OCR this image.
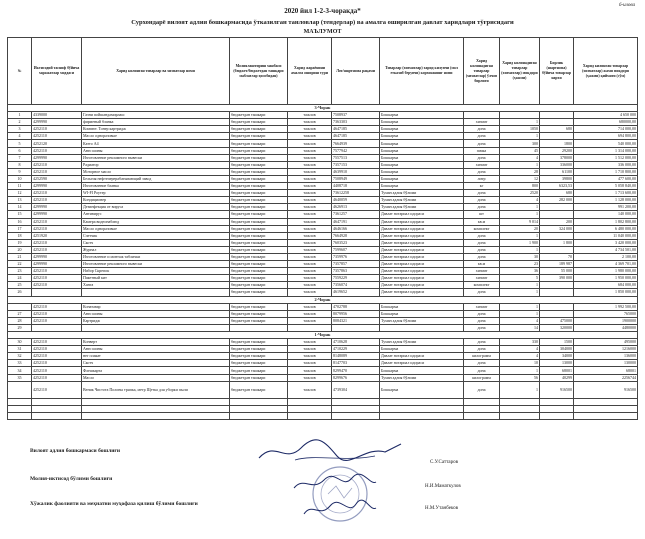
6-илова
2020 йил 1-2-3-чоракда*
Сурхондарё вилоят адлия бошкармасида ўтказилган танловлар (тендерлар) ва амалга оширилган давлат харидлари тўғрисидаги
МАЪЛУМОТ
№	Иктисодий тасниф бўйича харажатлар моддаси	Харид килинган товарлар ва хизматлар номи	Молиялаштириш манбаси (бюджет/бюджетдан ташқари маблағлар ҳисобидан)	Харид жараёнини амалга ошириш тури	Лот/шартнома рақами	Товарлар (хизматлар) харид килувчи (мол етказиб берувчи) корхонанинг номи	Харид килинадиган товарлар (хизматлар) ўлчов бирлиги	Харид килинадиган товарлар (хизматлар) миқдори (ҳажми)	Бирлик (шартнома) бўйича товарлар нархи	Харид килинган товарлар (хизматлар) жами миқдори (ҳажми) қиймати (сўм)
3-Чорак										
1	4339000	Газни пойшандамирлаш	бюджетдан ташкари	тажлов	7508937	Бошкарма				4 650 000
2	4299990	фирменый бланка	бюджетдан ташкари	тажлов	7363303	Бошкарма	хизмат	1		680000,00
3	4252110	Компют. Тонер картридж	бюджетдан ташкари	тажлов	4647185	Бошкарма	дона	1050	680	714 000,00
4	4252110	Масло одноразовые	бюджетдан ташкари	тажлов	4647185	Бошкарма	дона	1		694 800,00
5	4252120	Катто А4	бюджетдан ташкари	тажлов	7664939	Бошкарма	дона	300	1800	540 000,00
6	4252110	Авто шины	бюджетдан ташкари	тажлов	7577942	Бошкарма	пачка	45	29200	1 314 000,00
7	4299990	Изготовление рекламного вывески	бюджетдан ташкари	тажлов	7557513	Бошкарма	дона	4	378000	1 512 000,00
8	4252110	Радиатор	бюджетдан ташкари	тажлов	7357153	Бошкарма	хизмат	1	336000	336 000,00
9	4252110	Моторное масло	бюджетдан ташкари	тажлов	4639910	Бошкарма	дона	28	61100	1 710 800,00
10	4252590	Бельгия нефтеперерабатывающий завод	бюджетдан ташкари	тажлов	7508949	Бошкарма	литр	12	39800	477 600,00
11	4299990	Изготовление бланка	бюджетдан ташкари	тажлов	4408718	Бошкарма	кг	800	6323,53	5 058 840,00
12	4252110	WI-FI Роутер	бюджетдан ташкари	тажлов	73612258	Туман адлия бўлими	дона	2520	680	1 713 600,00
13	4252110	Кондиционер	бюджетдан ташкари	тажлов	4640059	Туман адлия бўлими	дона	4	282 000	1 128 000,00
14	4299990	Дезинфекция от вируса	бюджетдан ташкари	тажлов	4626913	Туман адлия бўлими	дона	1		991 200,00
15	4299990	Антивирус	бюджетдан ташкари	тажлов	7361257	Давлат нотариал идораси	шт	1		140 000,00
16	4252110	Камера видеонаблюд	бюджетдан ташкари	тажлов	4647191	Давлат нотариал идораси	кв.м	9 014	200	1 802 800,00
17	4252110	Масло одноразовые	бюджетдан ташкари	тажлов	4646166	Давлат нотариал идораси	комплект	20	324 000	6 480 000,00
18	4251920	Счетчик	бюджетдан ташкари	тажлов	7664928	Давлат нотариал идораси	дона	1		11 040 000,00
19	4252110	Скотч	бюджетдан ташкари	тажлов	7603523	Давлат нотариал идораси	дона	1 900	1 800	3 420 000,00
20	4252110	Журнал	бюджетдан ташкари	тажлов	7599607	Давлат нотариал идораси	дона	1		4 734 501,00
21	4299990	Изготовление и монтаж таблички	бюджетдан ташкари	тажлов	7359976	Давлат нотариал идораси	дона	30	70	2 100,00
22	4299990	Изготовление рекламного вывески	бюджетдан ташкари	тажлов	7357857	Давлат нотариал идораси	кв.м	23	189 987	4 369 701,00
23	4252110	Набор Скрепок	бюджетдан ташкари	тажлов	7357863	Давлат нотариал идораси	хизмат	36	55 000	1 980 000,00
24	4252110	Пакетный кит	бюджетдан ташкари	тажлов	7559229	Давлат нотариал идораси	хизмат	5	390 000	1 950 000,00
25	4252110	Ханга	бюджетдан ташкари	тажлов	7356074	Давлат нотариал идораси	комплект	1		684 000,00
26			бюджетдан ташкари	тажлов	4619652	Давлат нотариал идораси	дона	1		1 850 000,00
2-Чорак										
	4252110	Конатавар	бюджетдан ташкари	тажлов	4702788	Бошкарма	хизмат	1		1 992 500,00
27	4252110	Авто шины	бюджетдан ташкари	тажлов	8079956	Бошкарма	дона	1		765000
28	4252110	Картридж	бюджетдан ташкари	тажлов	8084321	Туман адлия бўлими	дона	4	475000	1900000
29							дона	14	320000	4480000
1-Чорак										
30	4252110	Конверт	бюджетдан ташкари	тажлов	4710628	Туман адлия бўлими	дона	330	1500	495000
31	4252110	Авто шины	бюджетдан ташкари	тажлов	4710229	Бошкарма	дона	4	304000	1216000
32	4252110	нег плакат	бюджетдан ташкари	тажлов	8148089	Давлат нотариал идораси	килограмм	4	34000	136000
33	4252110	Скотч	бюджетдан ташкари	тажлов	8147703	Давлат нотариал идораси	дона	10	13000	130000
34	4252110	Флешкарта	бюджетдан ташкари	тажлов	8299470	Бошкарма	дона	1	68001	68001
35	4252110	Масло	бюджетдан ташкари	тажлов	8299676	Туман адлия бўлими	килограмм	56	40299	2256744
	4252110	Веник Чистота Полоны тряпка, метр Щетка для уборки пыли	бюджетдан ташкари	тажлов	4739304	Бошкарма	дона	1	916500	916500

Вилоят адлия бошкармаси бошлиғи
Молия-иктисод бўлими бошлиғи
Хўжалик фаолияти ва меҳнатни муҳофаза қилиш бўлими бошлиғи
С.У.Саттаров
Н.И.Маматкулов
Н.М.Утанбеков
